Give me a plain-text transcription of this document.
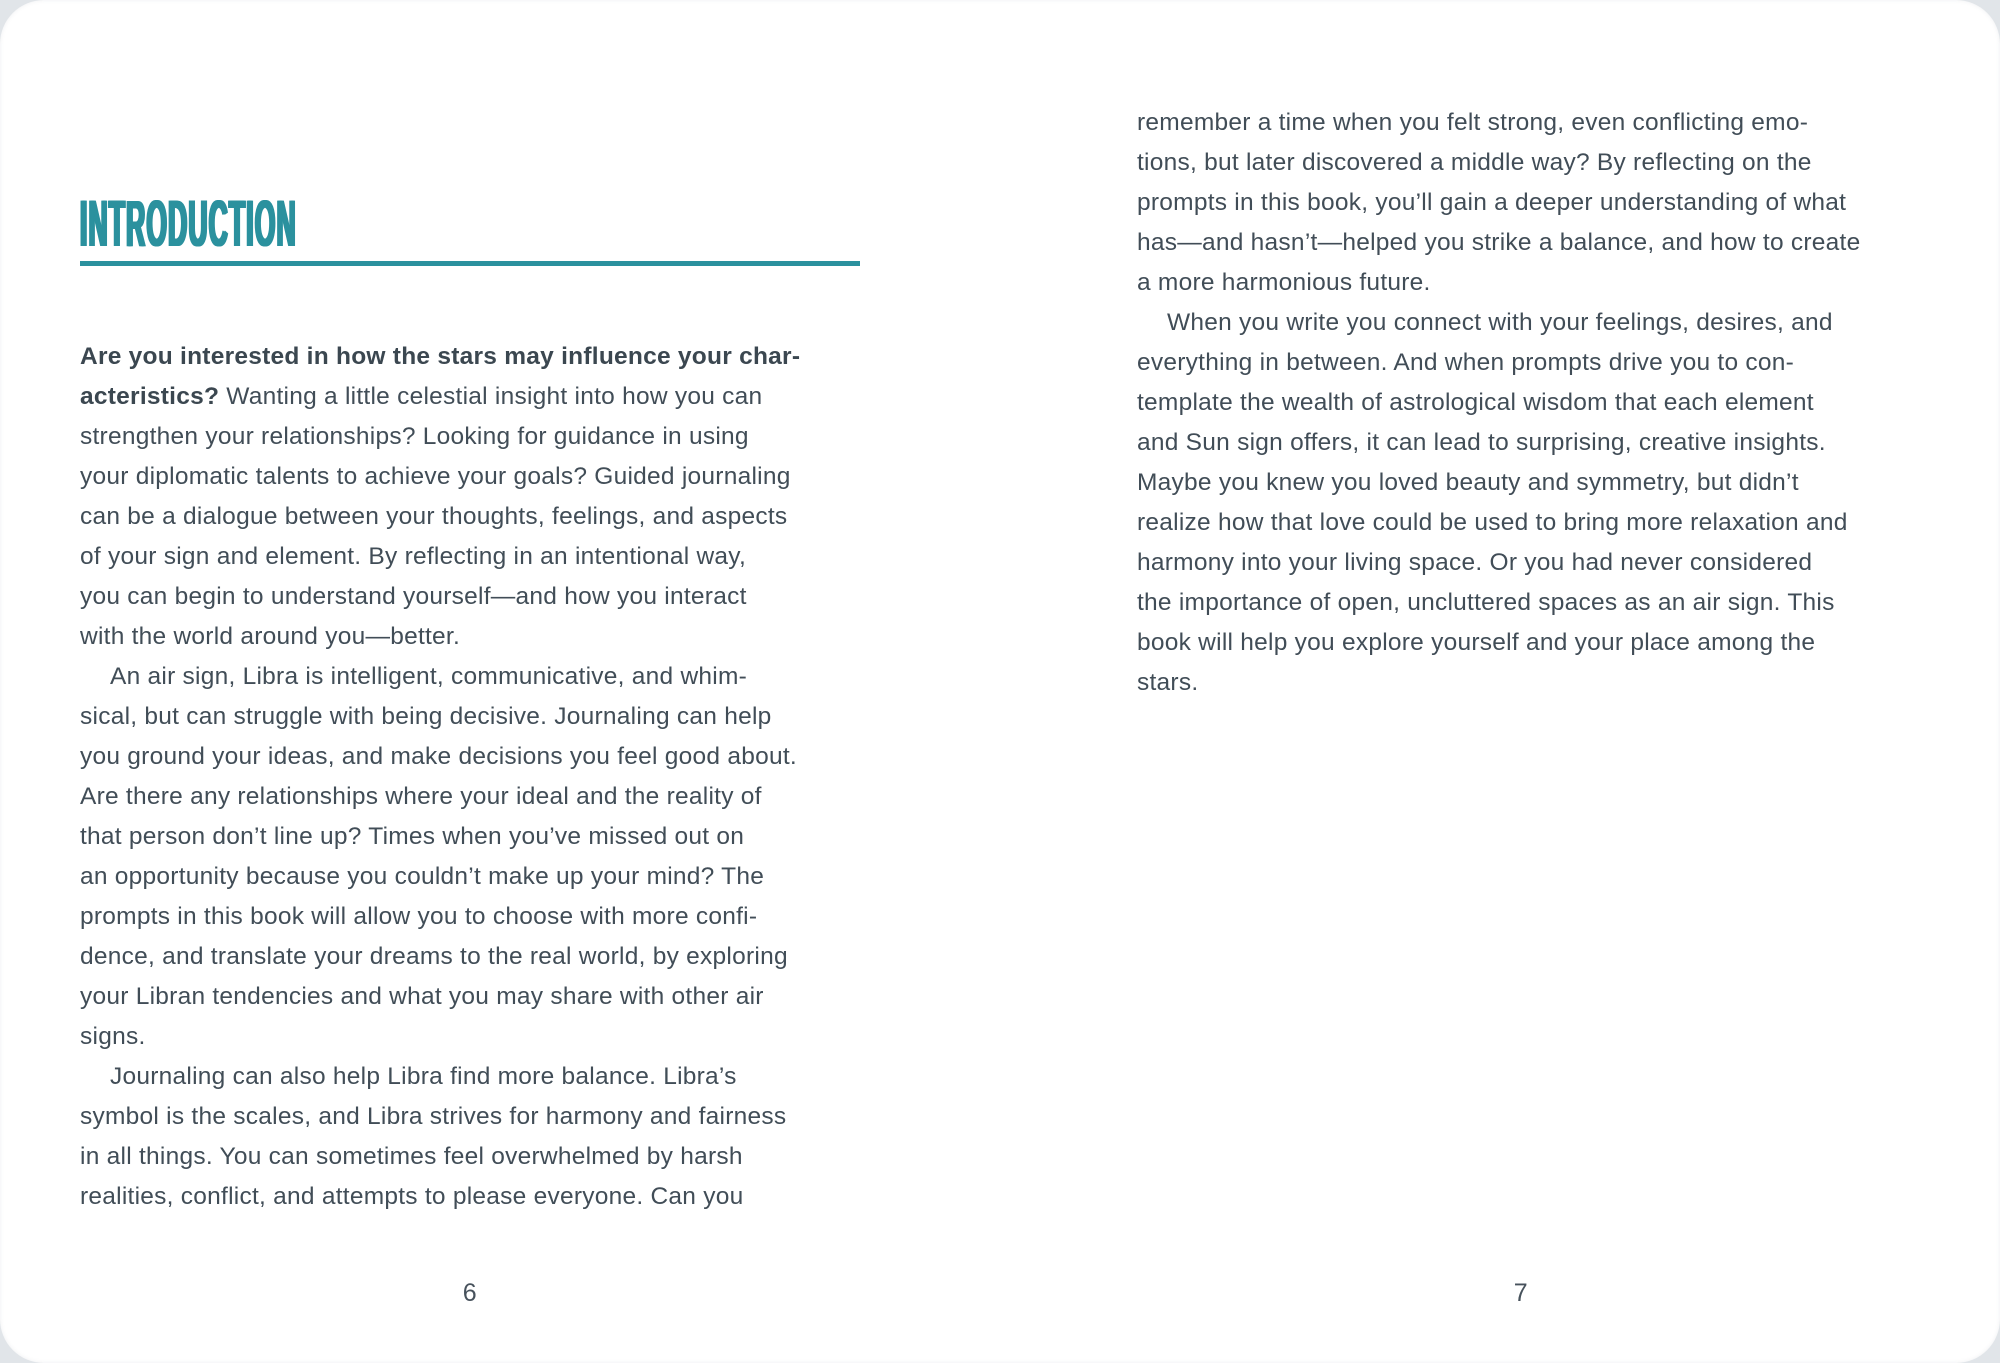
INTRODUCTION
Are you interested in how the stars may influence your char-
acteristics? Wanting a little celestial insight into how you can
strengthen your relationships? Looking for guidance in using
your diplomatic talents to achieve your goals? Guided journaling
can be a dialogue between your thoughts, feelings, and aspects
of your sign and element. By reflecting in an intentional way,
you can begin to understand yourself—and how you interact
with the world around you—better.
An air sign, Libra is intelligent, communicative, and whim-
sical, but can struggle with being decisive. Journaling can help
you ground your ideas, and make decisions you feel good about.
Are there any relationships where your ideal and the reality of
that person don’t line up? Times when you’ve missed out on
an opportunity because you couldn’t make up your mind? The
prompts in this book will allow you to choose with more confi-
dence, and translate your dreams to the real world, by exploring
your Libran tendencies and what you may share with other air
signs.
Journaling can also help Libra find more balance. Libra’s
symbol is the scales, and Libra strives for harmony and fairness
in all things. You can sometimes feel overwhelmed by harsh
realities, conflict, and attempts to please everyone. Can you
6
remember a time when you felt strong, even conflicting emo-
tions, but later discovered a middle way? By reflecting on the
prompts in this book, you’ll gain a deeper understanding of what
has—and hasn’t—helped you strike a balance, and how to create
a more harmonious future.
When you write you connect with your feelings, desires, and
everything in between. And when prompts drive you to con-
template the wealth of astrological wisdom that each element
and Sun sign offers, it can lead to surprising, creative insights.
Maybe you knew you loved beauty and symmetry, but didn’t
realize how that love could be used to bring more relaxation and
harmony into your living space. Or you had never considered
the importance of open, uncluttered spaces as an air sign. This
book will help you explore yourself and your place among the
stars.
7
